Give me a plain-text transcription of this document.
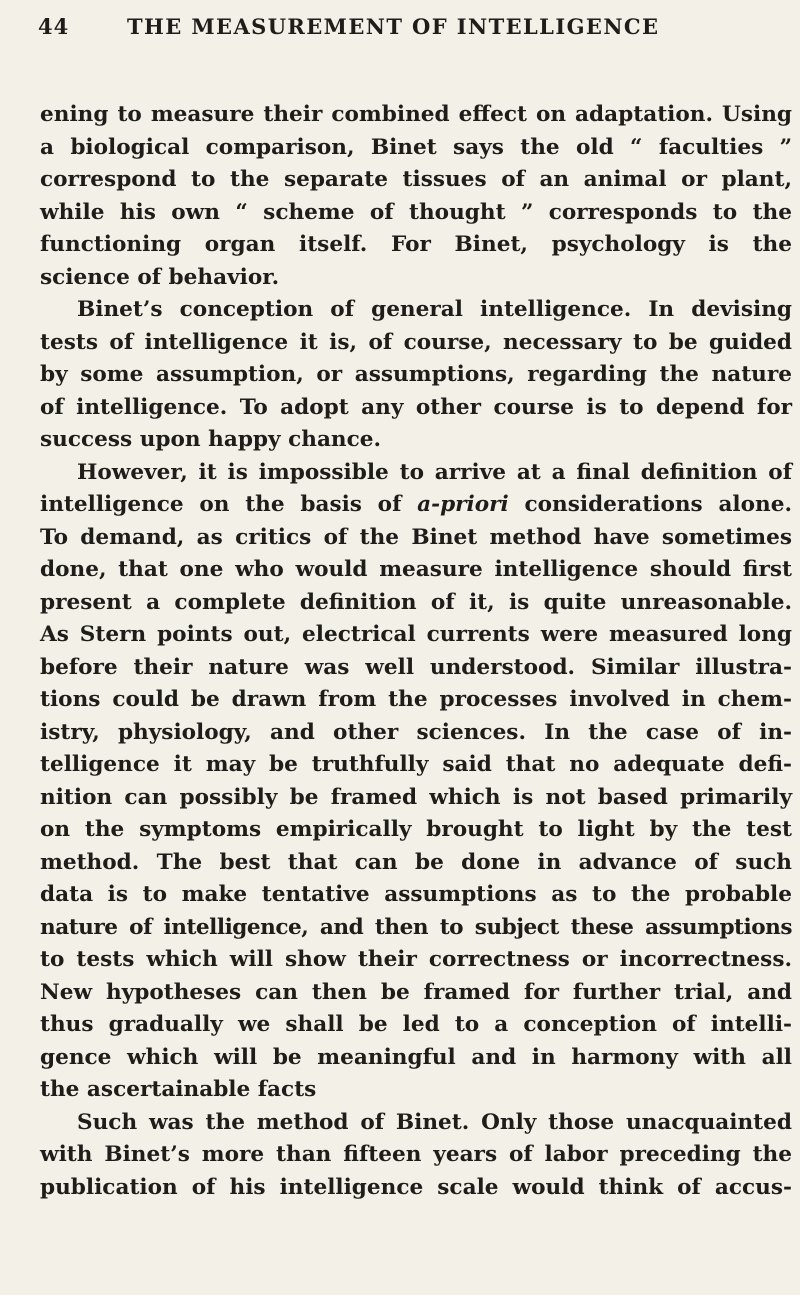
44	THE MEASUREMENT OF INTELLIGENCE
ening to measure their combined effect on adaptation. Using
a biological comparison, Binet says the old “ faculties ”
correspond to the separate tissues of an animal or plant,
while his own “ scheme of thought ” corresponds to the
functioning organ itself. For Binet, psychology is the
science of behavior.
Binet’s conception of general intelligence. In devising
tests of intelligence it is, of course, necessary to be guided
by some assumption, or assumptions, regarding the nature
of intelligence. To adopt any other course is to depend for
success upon happy chance.
However, it is impossible to arrive at a final definition of
intelligence on the basis of a-priori considerations alone.
To demand, as critics of the Binet method have sometimes
done, that one who would measure intelligence should first
present a complete definition of it, is quite unreasonable.
As Stern points out, electrical currents were measured long
before their nature was well understood. Similar illustra-
tions could be drawn from the processes involved in chem-
istry, physiology, and other sciences. In the case of in-
telligence it may be truthfully said that no adequate defi-
nition can possibly be framed which is not based primarily
on the symptoms empirically brought to light by the test
method. The best that can be done in advance of such
data is to make tentative assumptions as to the probable
nature of intelligence, and then to subject these assumptions
to tests which will show their correctness or incorrectness.
New hypotheses can then be framed for further trial, and
thus gradually we shall be led to a conception of intelli-
gence which will be meaningful and in harmony with all
the ascertainable facts
Such was the method of Binet. Only those unacquainted
with Binet’s more than fifteen years of labor preceding the
publication of his intelligence scale would think of accus-
